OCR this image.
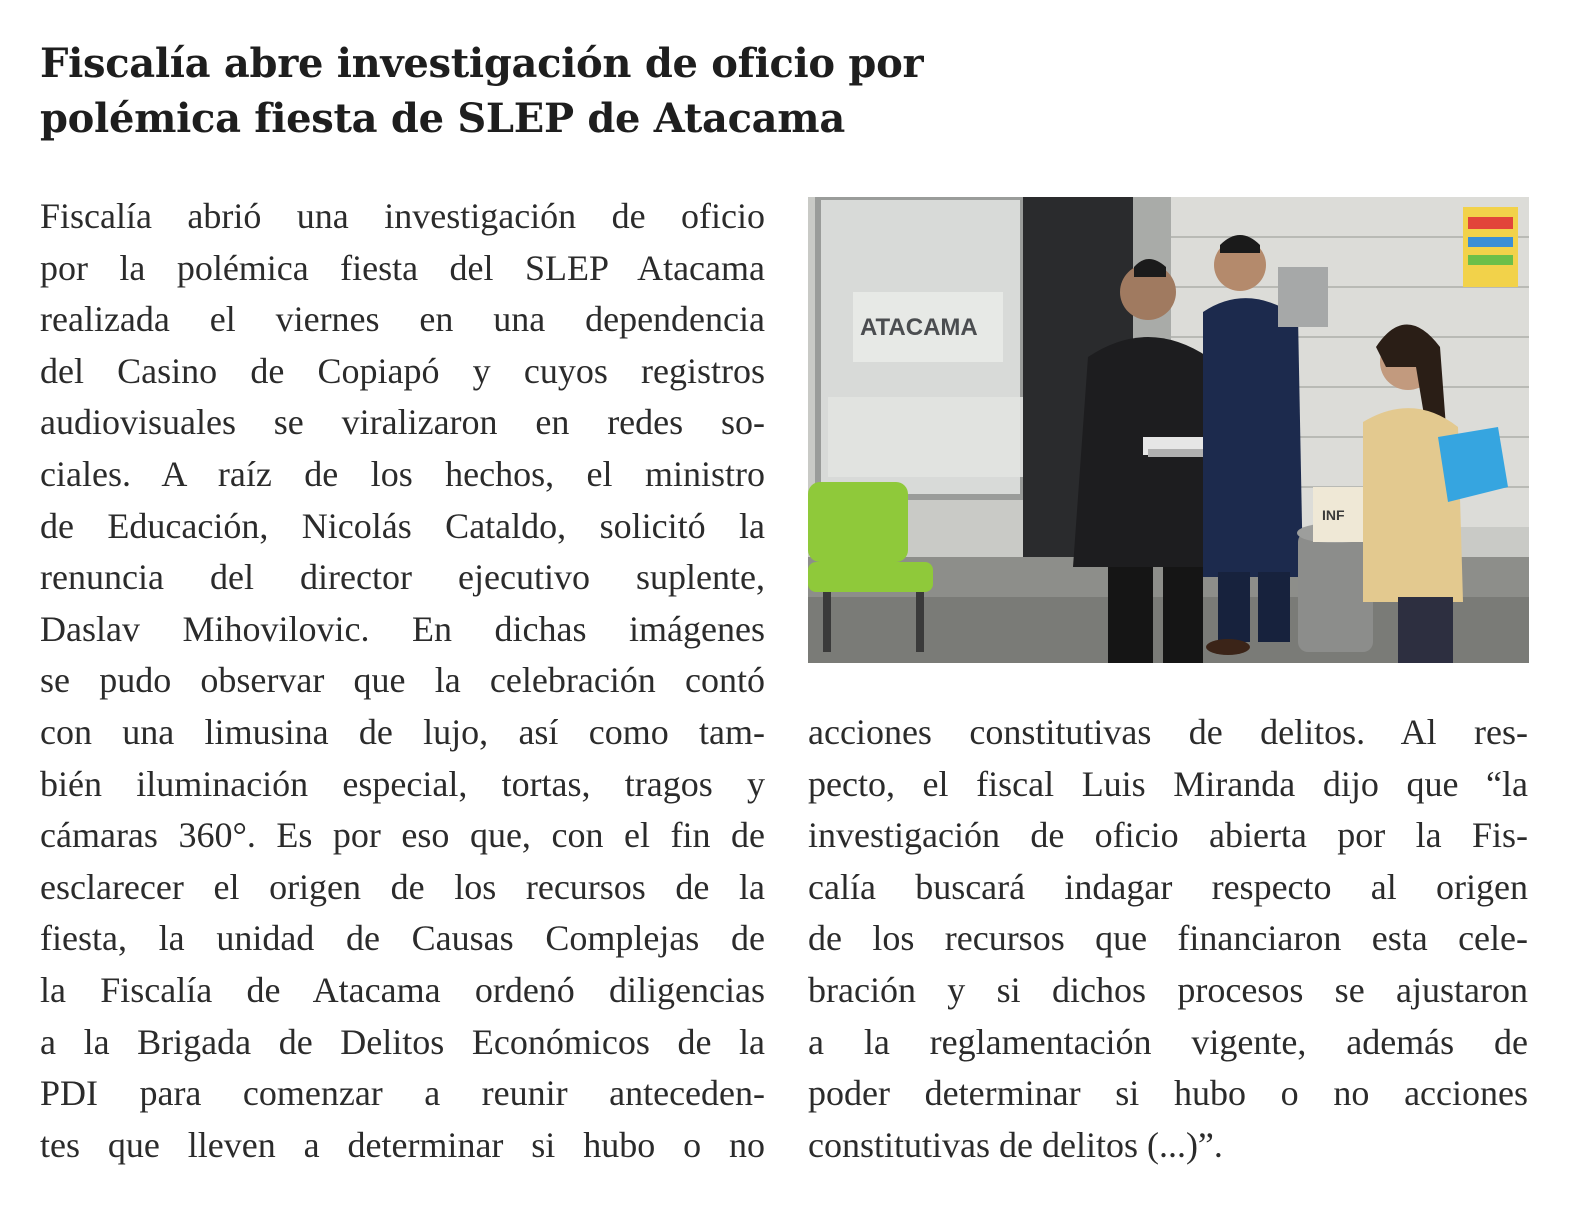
Fiscalía abre investigación de oficio por
polémica fiesta de SLEP de Atacama
Fiscalía abrió una investigación de oficio
por la polémica fiesta del SLEP Atacama
realizada el viernes en una dependencia
del Casino de Copiapó y cuyos registros
audiovisuales se viralizaron en redes so-
ciales. A raíz de los hechos, el ministro
de Educación, Nicolás Cataldo, solicitó la
renuncia del director ejecutivo suplente,
Daslav Mihovilovic. En dichas imágenes
se pudo observar que la celebración contó
con una limusina de lujo, así como tam-
bién iluminación especial, tortas, tragos y
cámaras 360°. Es por eso que, con el fin de
esclarecer el origen de los recursos de la
fiesta, la unidad de Causas Complejas de
la Fiscalía de Atacama ordenó diligencias
a la Brigada de Delitos Económicos de la
PDI para comenzar a reunir anteceden-
tes que lleven a determinar si hubo o no
ATACAMA
INF
acciones constitutivas de delitos. Al res-
pecto, el fiscal Luis Miranda dijo que “la
investigación de oficio abierta por la Fis-
calía buscará indagar respecto al origen
de los recursos que financiaron esta cele-
bración y si dichos procesos se ajustaron
a la reglamentación vigente, además de
poder determinar si hubo o no acciones
constitutivas de delitos (...)”.
